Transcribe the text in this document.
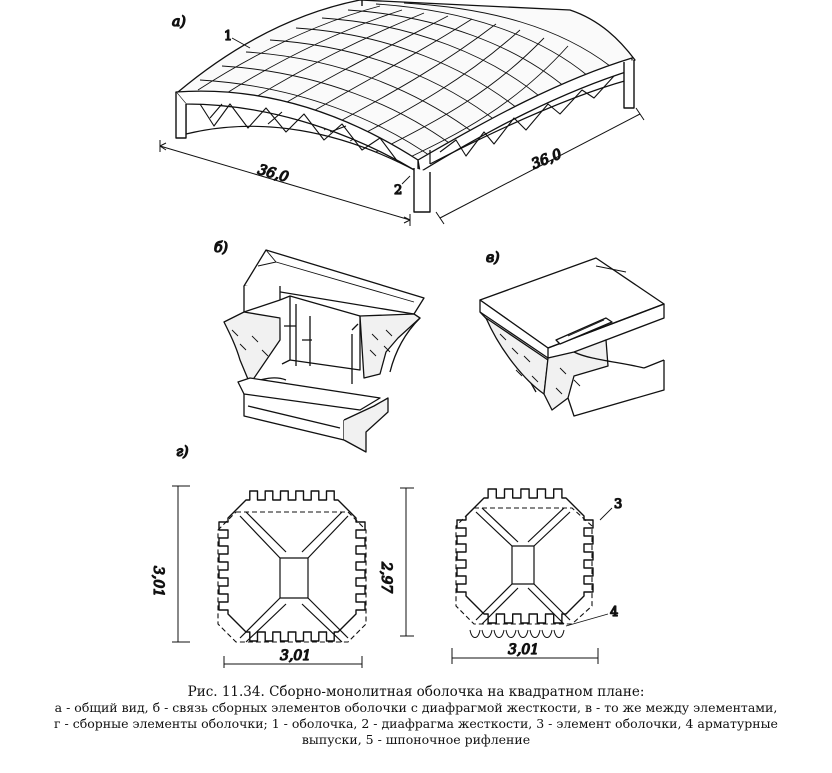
а)
36,0
36,0
1
2
б)
в)
г)
3,01
3,01
2,97
3,01
3
4

Рис. 11.34. Сборно-монолитная оболочка на квадратном плане:

а - общий вид, б - связь сборных элементов оболочки с диафрагмой жесткости, в - то же между элементами,

г - сборные элементы оболочки; 1 - оболочка, 2 - диафрагма жесткости, 3 - элемент оболочки, 4 арматурные

выпуски, 5 - шпоночное рифление
